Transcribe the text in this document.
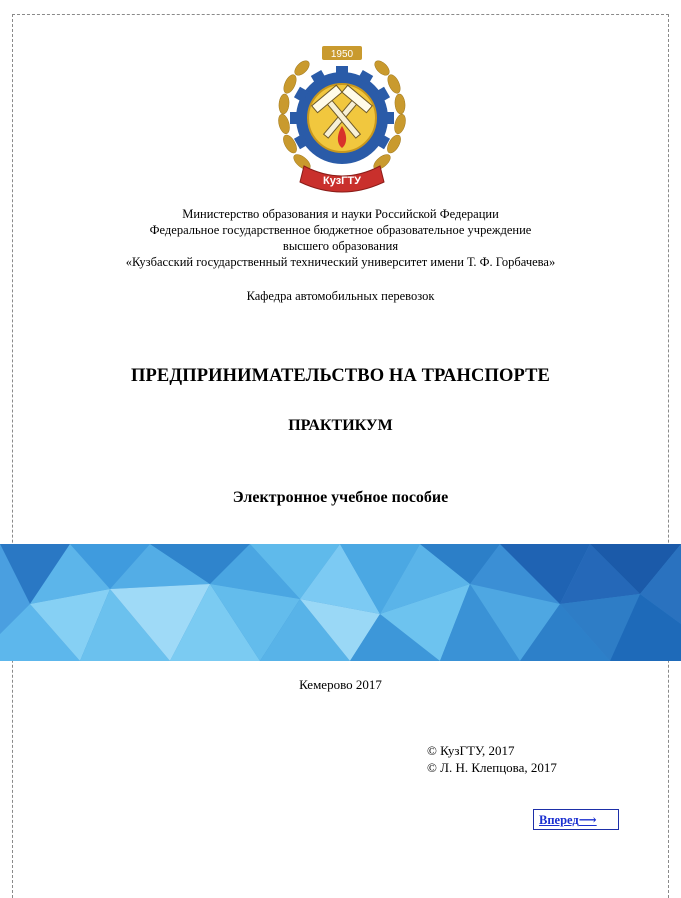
1950
КузГТУ
Министерство образования и науки Российской Федерации
Федеральное государственное бюджетное образовательное учреждение
высшего образования
«Кузбасский государственный технический университет имени Т. Ф. Горбачева»
Кафедра автомобильных перевозок
ПРЕДПРИНИМАТЕЛЬСТВО НА ТРАНСПОРТЕ
ПРАКТИКУМ
Электронное учебное пособие
Кемерово 2017
© КузГТУ, 2017
© Л. Н. Клепцова, 2017
Вперед⟶
